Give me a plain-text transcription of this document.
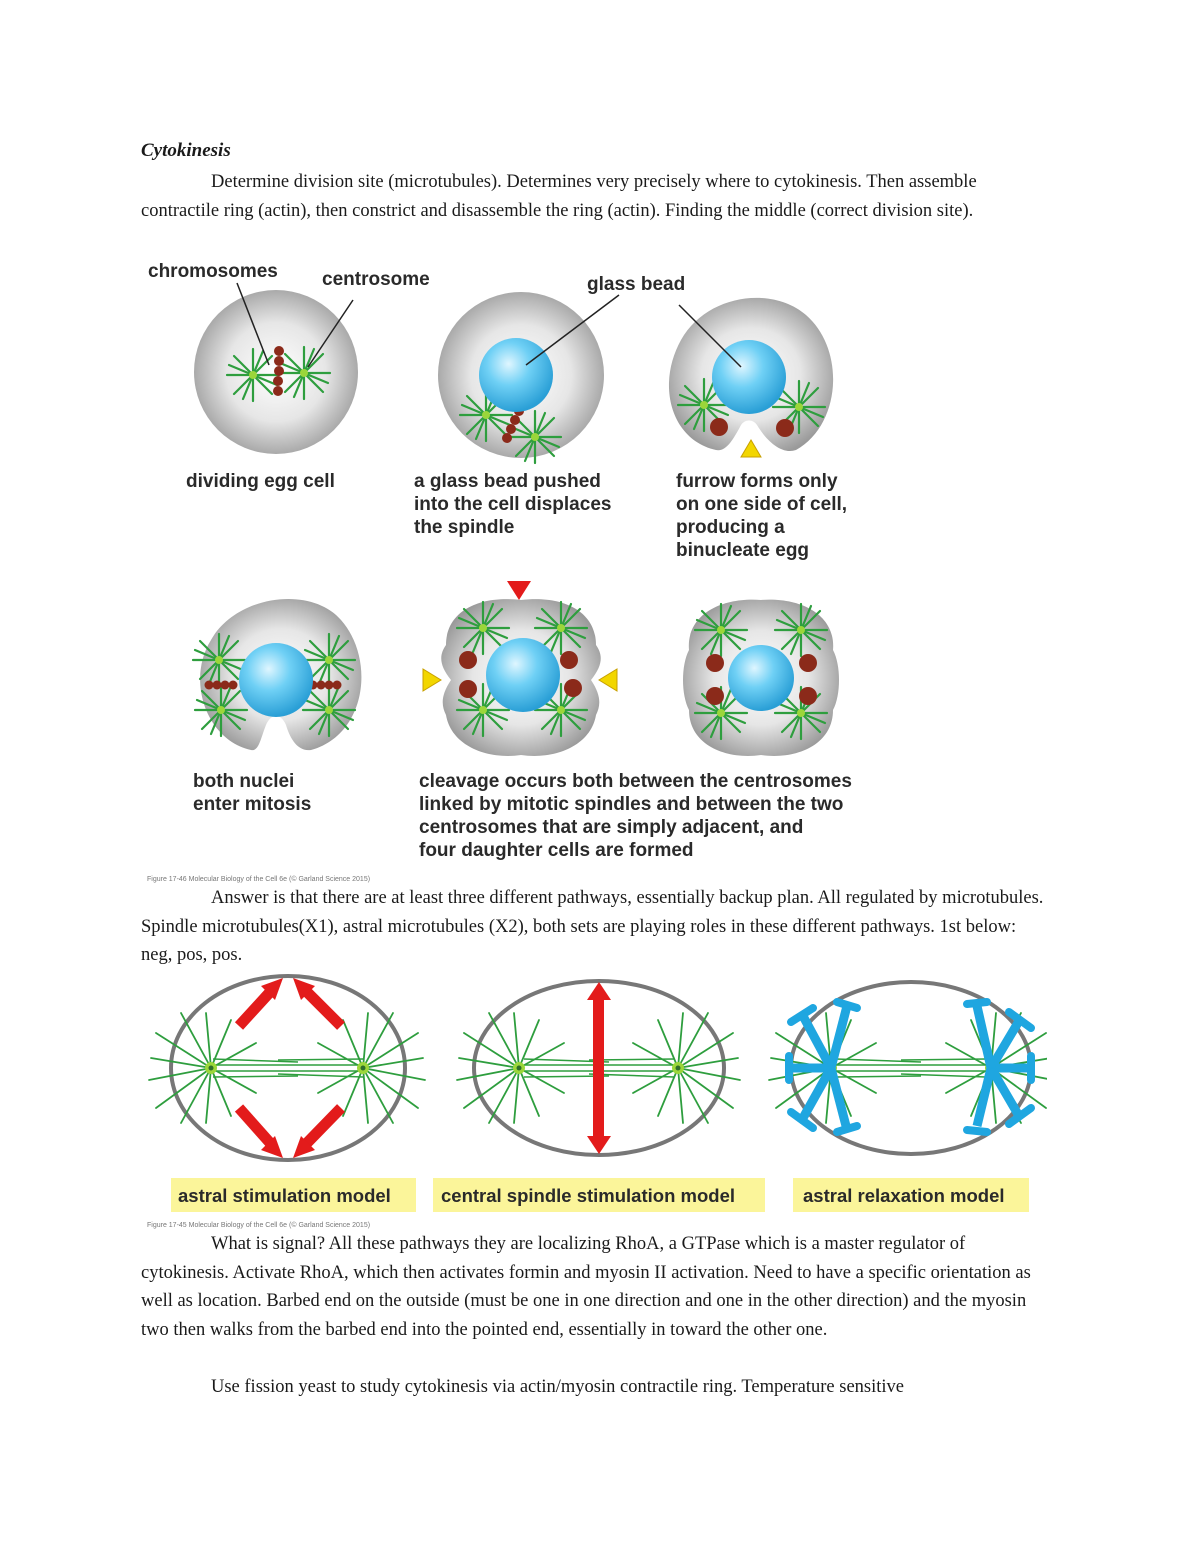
Cytokinesis

Determine division site (microtubules). Determines very precisely where to cytokinesis. Then assemble contractile ring (actin), then constrict and disassemble the ring (actin). Finding the middle (correct division site).

chromosomes centrosome
dividing egg cell
glass bead
a glass bead pushed
into the cell displaces
the spindle
furrow forms only
on one side of cell,
producing a
binucleate egg
both nuclei
enter mitosis
cleavage occurs both between the centrosomes
linked by mitotic spindles and between the two
centrosomes that are simply adjacent, and
four daughter cells are formed
Figure 17-46 Molecular Biology of the Cell 6e (© Garland Science 2015)

Answer is that there are at least three different pathways, essentially backup plan. All regulated by microtubules. Spindle microtubules(X1), astral microtubules (X2), both sets are playing roles in these different pathways. 1st below: neg, pos, pos.

astral stimulation model	central spindle stimulation model	astral relaxation model
Figure 17-45 Molecular Biology of the Cell 6e (© Garland Science 2015)

What is signal? All these pathways they are localizing RhoA, a GTPase which is a master regulator of cytokinesis. Activate RhoA, which then activates formin and myosin II activation. Need to have a specific orientation as well as location. Barbed end on the outside (must be one in one direction and one in the other direction) and the myosin two then walks from the barbed end into the pointed end, essentially in toward the other one.

Use fission yeast to study cytokinesis via actin/myosin contractile ring. Temperature sensitive
